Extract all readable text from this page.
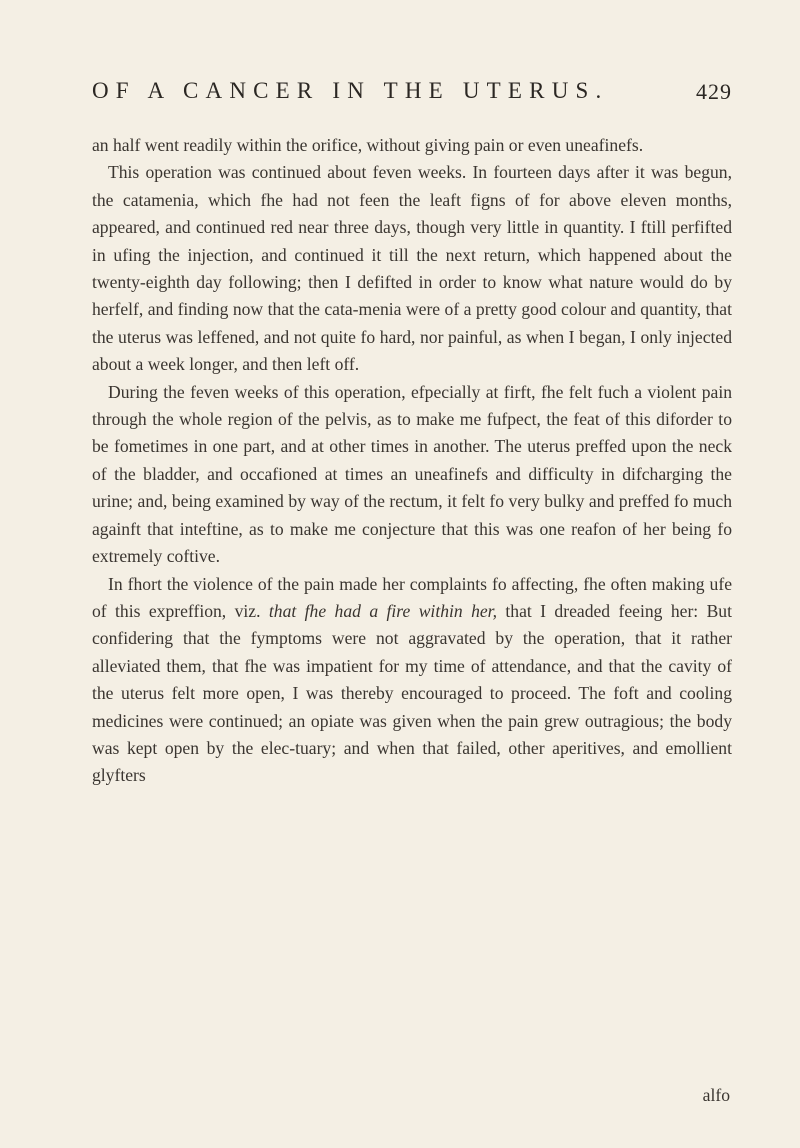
OF A CANCER IN THE UTERUS.	429

an half went readily within the orifice, without giving pain or even uneafinefs.

This operation was continued about feven weeks. In fourteen days after it was begun, the catamenia, which fhe had not feen the leaft figns of for above eleven months, appeared, and continued red near three days, though very little in quantity. I ftill perfifted in ufing the injection, and continued it till the next return, which happened about the twenty-eighth day following; then I defifted in order to know what nature would do by herfelf, and finding now that the cata-menia were of a pretty good colour and quantity, that the uterus was leffened, and not quite fo hard, nor painful, as when I began, I only injected about a week longer, and then left off.

During the feven weeks of this operation, efpecially at firft, fhe felt fuch a violent pain through the whole region of the pelvis, as to make me fufpect, the feat of this diforder to be fometimes in one part, and at other times in another. The uterus preffed upon the neck of the bladder, and occafioned at times an uneafinefs and difficulty in difcharging the urine; and, being examined by way of the rectum, it felt fo very bulky and preffed fo much againft that inteftine, as to make me conjecture that this was one reafon of her being fo extremely coftive.

In fhort the violence of the pain made her complaints fo affecting, fhe often making ufe of this expreffion, viz. that fhe had a fire within her, that I dreaded feeing her: But confidering that the fymptoms were not aggravated by the operation, that it rather alleviated them, that fhe was impatient for my time of attendance, and that the cavity of the uterus felt more open, I was thereby encouraged to proceed. The foft and cooling medicines were continued; an opiate was given when the pain grew outragious; the body was kept open by the elec-tuary; and when that failed, other aperitives, and emollient glyfters

alfo
